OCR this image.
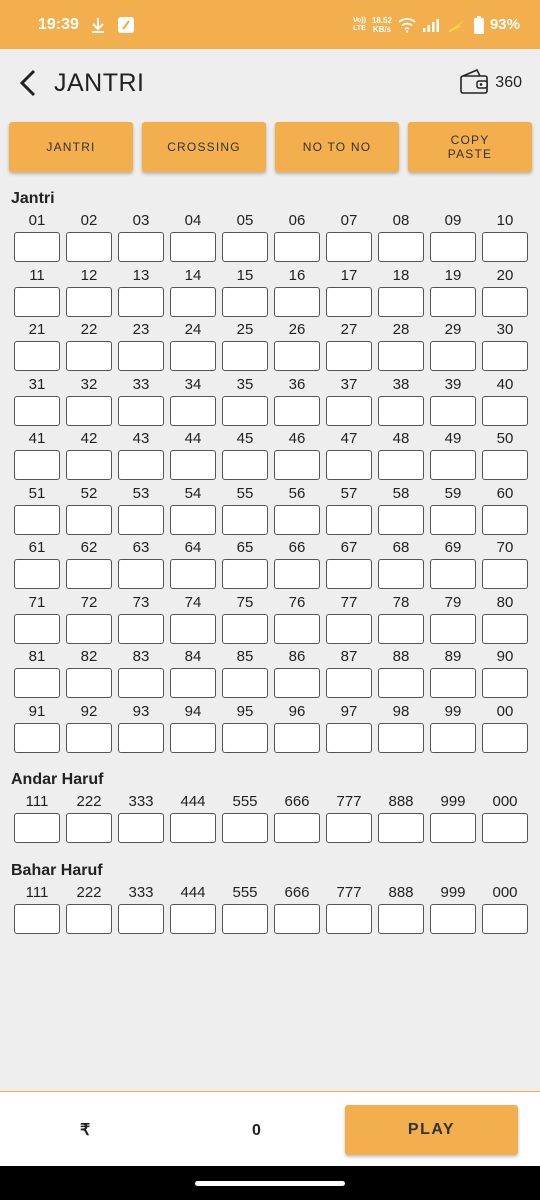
19:39	Vo))
LTE
18.52
KB/s	93%
JANTRI	360
JANTRI	CROSSING	NO TO NO	COPY
PASTE
Jantri
01	02	03	04	05	06	07	08	09	10
11	12	13	14	15	16	17	18	19	20
21	22	23	24	25	26	27	28	29	30
31	32	33	34	35	36	37	38	39	40
41	42	43	44	45	46	47	48	49	50
51	52	53	54	55	56	57	58	59	60
61	62	63	64	65	66	67	68	69	70
71	72	73	74	75	76	77	78	79	80
81	82	83	84	85	86	87	88	89	90
91	92	93	94	95	96	97	98	99	00
Andar Haruf
111	222	333	444	555	666	777	888	999	000
Bahar Haruf
111	222	333	444	555	666	777	888	999	000
₹	0	PLAY
